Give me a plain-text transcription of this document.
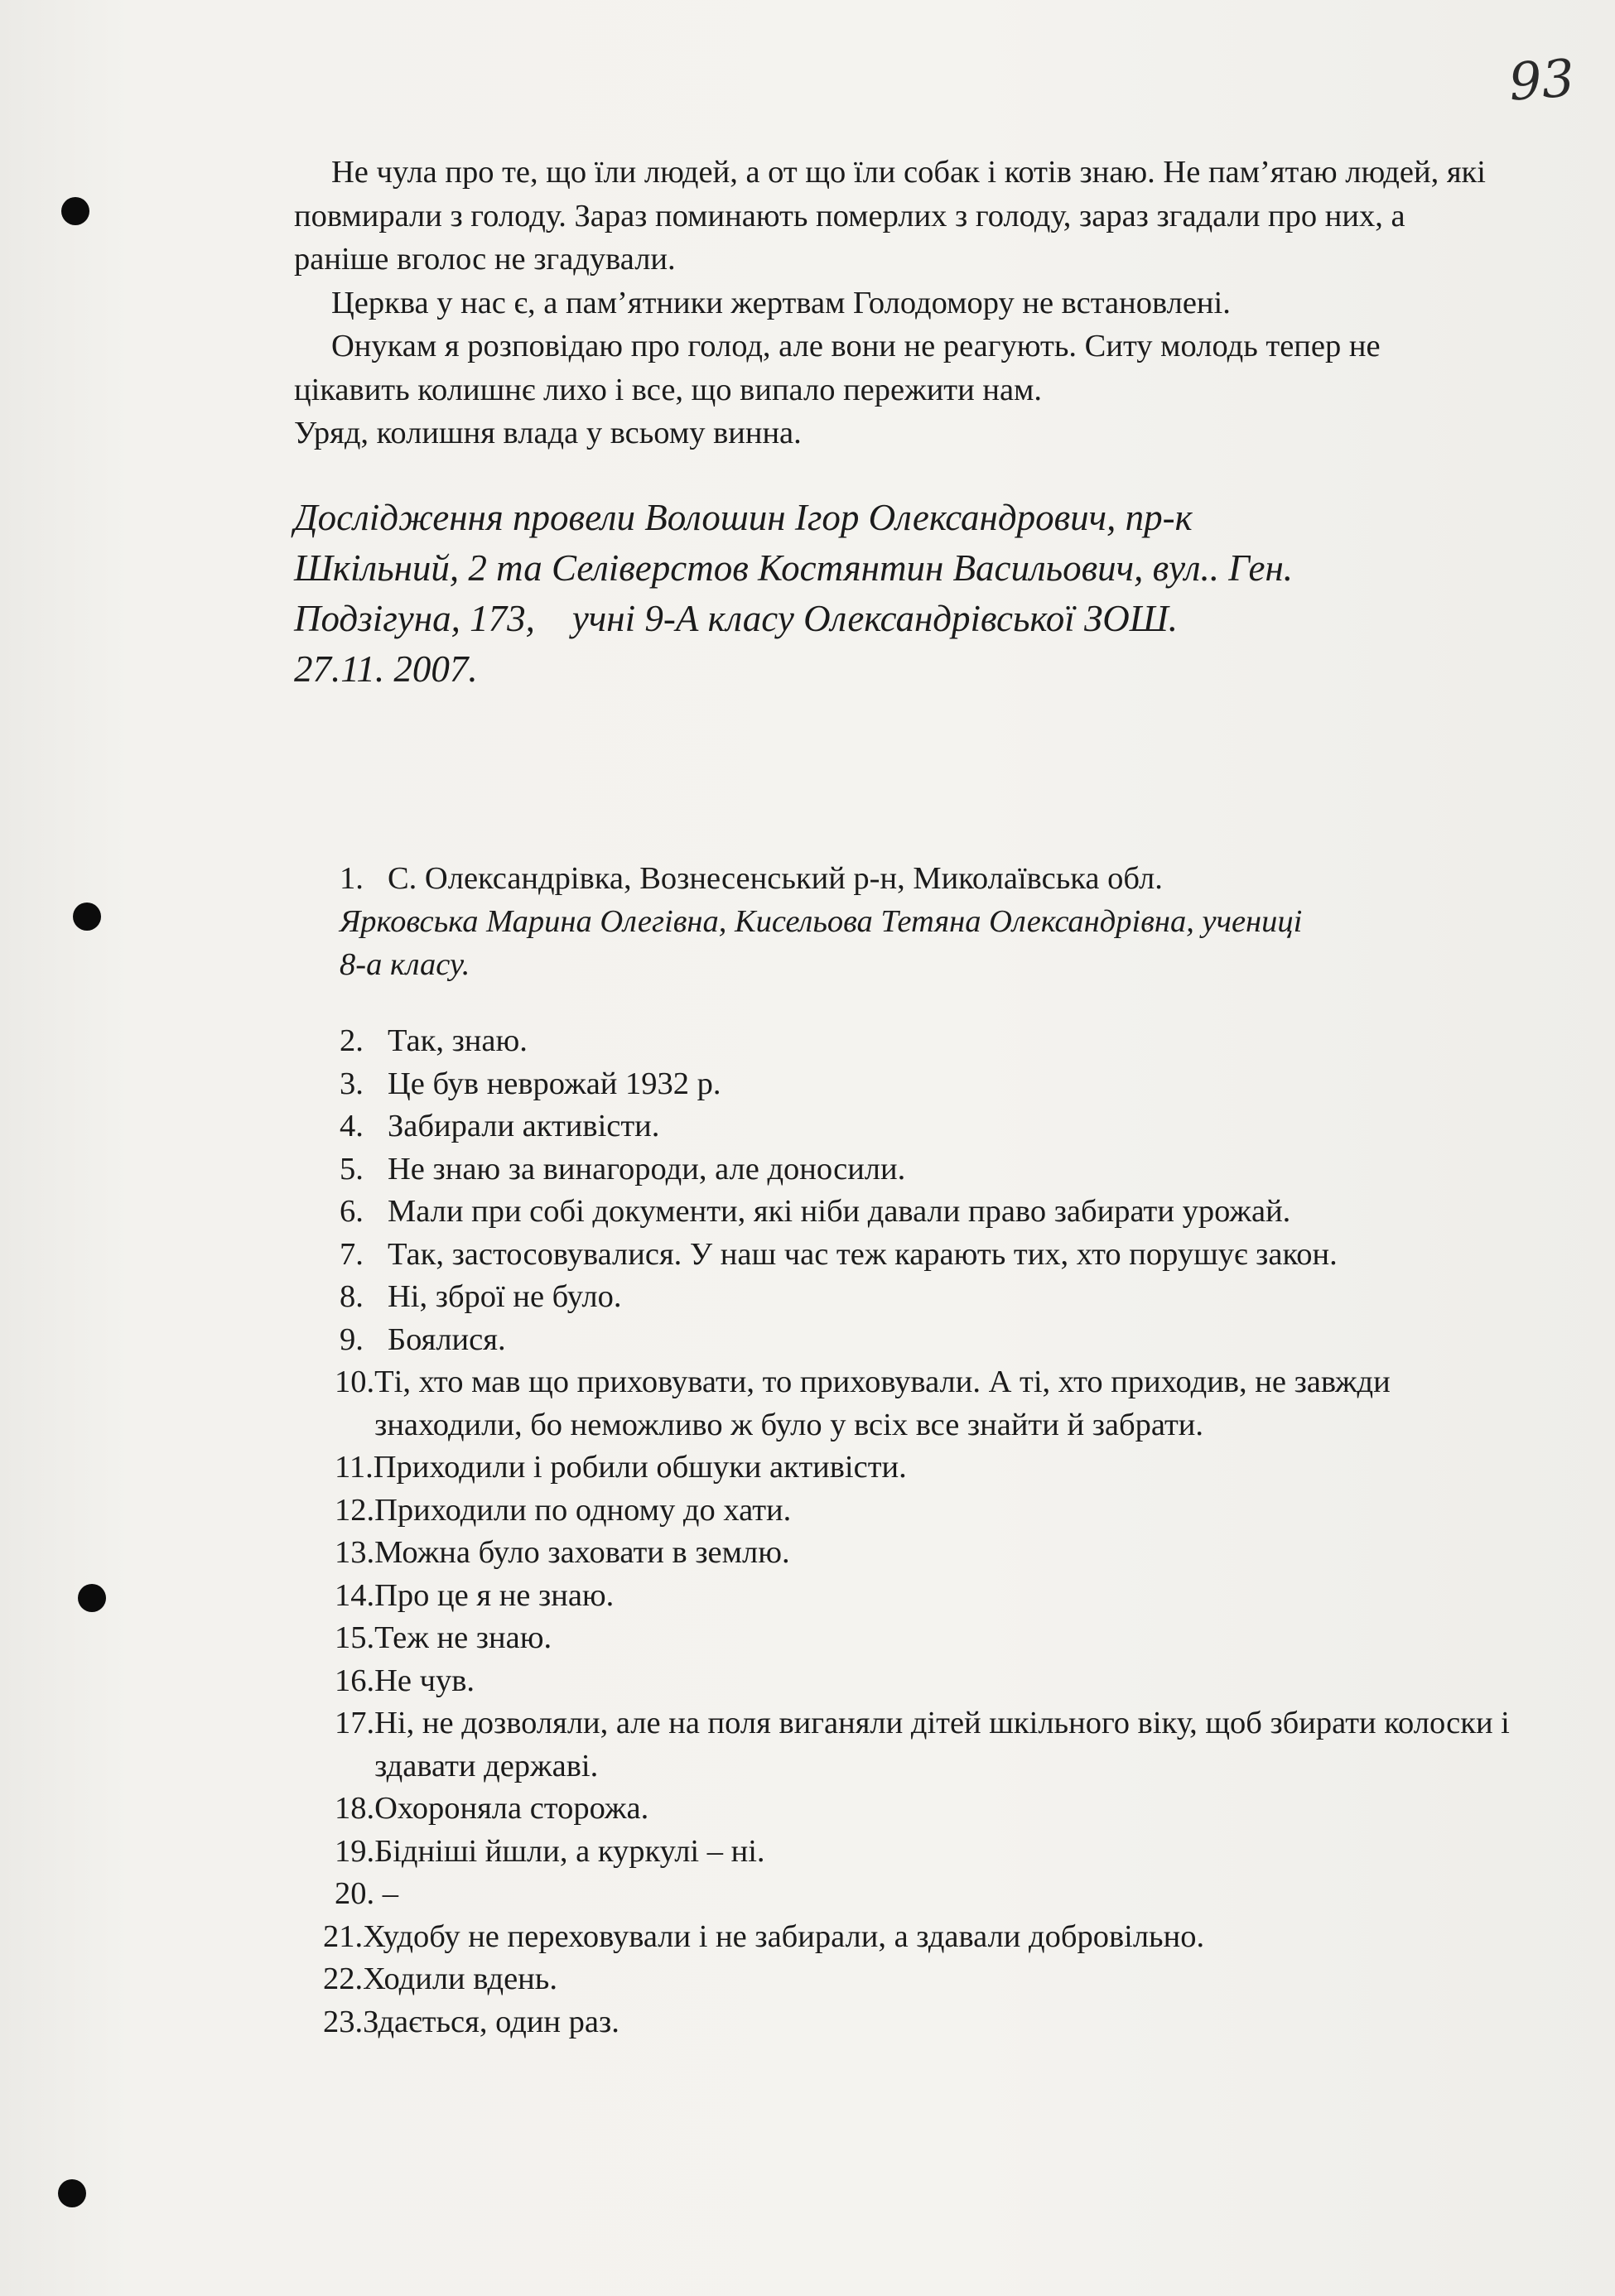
93

Не чула про те, що їли людей, а от що їли собак і котів знаю. Не пам’ятаю людей, які повмирали з голоду. Зараз поминають померлих з голоду, зараз згадали про них, а раніше вголос не згадували.

Церква у нас є, а пам’ятники жертвам Голодомору не встановлені.

Онукам я розповідаю про голод, але вони не реагують. Ситу молодь тепер не цікавить колишнє лихо і все, що випало пережити нам.

Уряд, колишня влада у всьому винна.

Дослідження провели Волошин Ігор Олександрович, пр-к

Шкільний, 2 та Селіверстов Костянтин Васильович, вул.. Ген.

Подзігуна, 173,    учні 9-А класу Олександрівської ЗОШ.

27.11. 2007.

1. С. Олександрівка, Вознесенський р-н, Миколаївська обл.

Ярковська Марина Олегівна, Кисельова Тетяна Олександрівна, учениці

8-а класу.

2. Так, знаю.
3. Це був неврожай 1932 р.
4. Забирали активісти.
5. Не знаю за винагороди, але доносили.
6. Мали при собі документи, які ніби давали право забирати урожай.
7. Так, застосовувалися. У наш час теж карають тих, хто порушує закон.
8. Ні, зброї не було.
9. Боялися.
10. Ті, хто мав що приховувати, то приховували. А ті, хто приходив, не завжди знаходили, бо неможливо ж було у всіх все знайти й забрати.
11. Приходили і робили обшуки активісти.
12. Приходили по одному до хати.
13. Можна було заховати в землю.
14. Про це я не знаю.
15. Теж не знаю.
16. Не чув.
17. Ні, не дозволяли, але на поля виганяли дітей шкільного віку, щоб збирати колоски і здавати державі.
18. Охороняла сторожа.
19. Бідніші йшли, а куркулі – ні.
20. –
21. Худобу не переховували і не забирали, а здавали добровільно.
22. Ходили вдень.
23. Здається, один раз.
